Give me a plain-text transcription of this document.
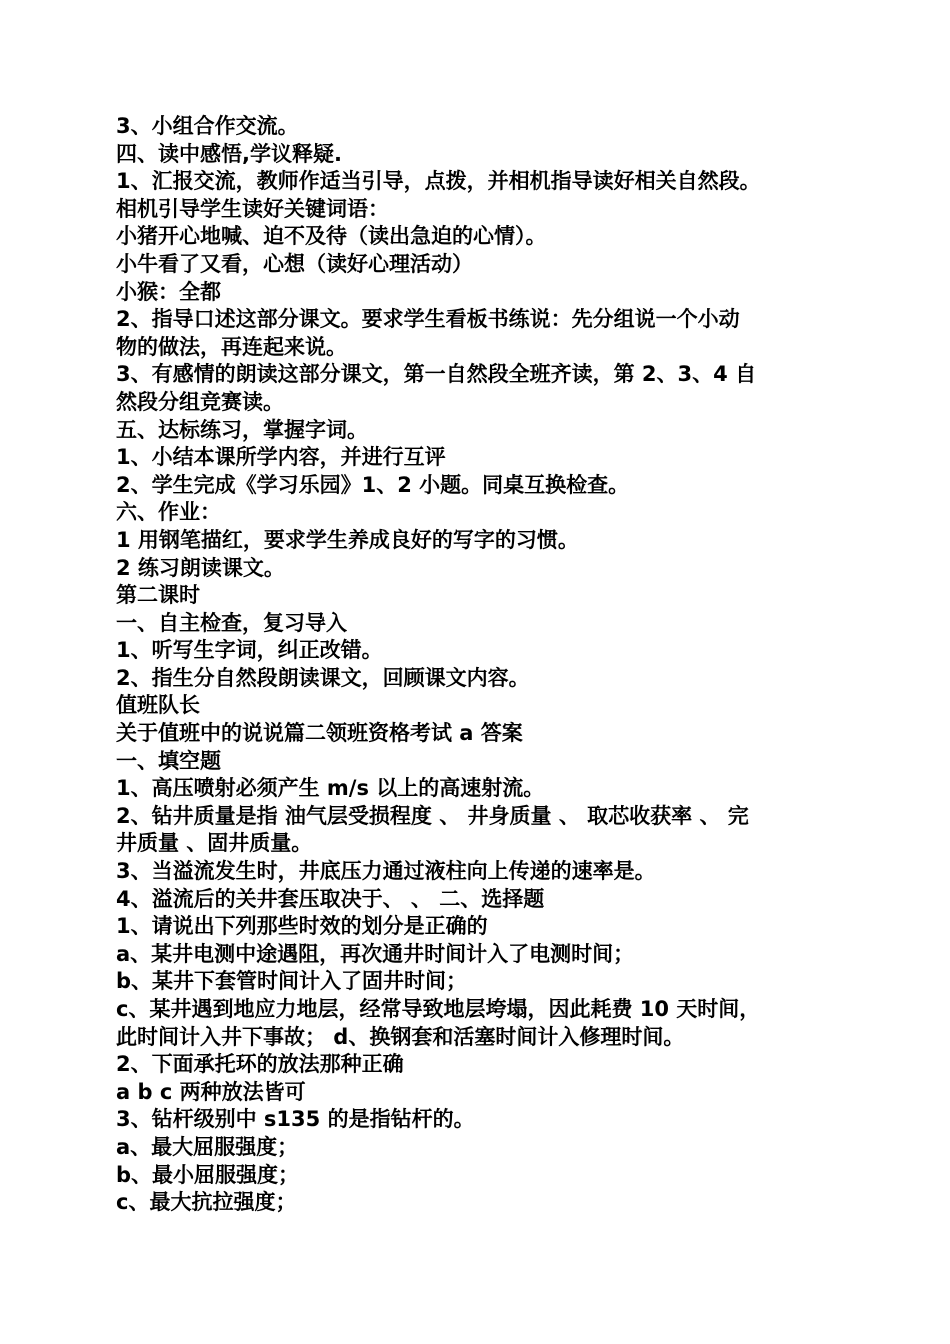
3、小组合作交流。
四、读中感悟,学议释疑.
1、汇报交流，教师作适当引导，点拨，并相机指导读好相关自然段。
相机引导学生读好关键词语：
小猪开心地喊、迫不及待（读出急迫的心情）。
小牛看了又看，心想（读好心理活动）
小猴：全都
2、指导口述这部分课文。要求学生看板书练说：先分组说一个小动
物的做法，再连起来说。
3、有感情的朗读这部分课文，第一自然段全班齐读，第 2、3、4 自
然段分组竞赛读。
五、达标练习，掌握字词。
1、小结本课所学内容，并进行互评
2、学生完成《学习乐园》1、2 小题。同桌互换检查。
六、作业：
1 用钢笔描红，要求学生养成良好的写字的习惯。
2 练习朗读课文。
第二课时
一、自主检查，复习导入
1、听写生字词，纠正改错。
2、指生分自然段朗读课文，回顾课文内容。
值班队长
关于值班中的说说篇二领班资格考试 a 答案
一、填空题
1、高压喷射必须产生 m/s 以上的高速射流。
2、钻井质量是指 油气层受损程度 、 井身质量 、 取芯收获率 、 完
井质量 、固井质量。
3、当溢流发生时，井底压力通过液柱向上传递的速率是。
4、溢流后的关井套压取决于、 、 二、选择题
1、请说出下列那些时效的划分是正确的
a、某井电测中途遇阻，再次通井时间计入了电测时间；
b、某井下套管时间计入了固井时间；
c、某井遇到地应力地层，经常导致地层垮塌，因此耗费 10 天时间，
此时间计入井下事故； d、换钢套和活塞时间计入修理时间。
2、下面承托环的放法那种正确
a b c 两种放法皆可
3、钻杆级别中 s135 的是指钻杆的。
a、最大屈服强度；
b、最小屈服强度；
c、最大抗拉强度；
